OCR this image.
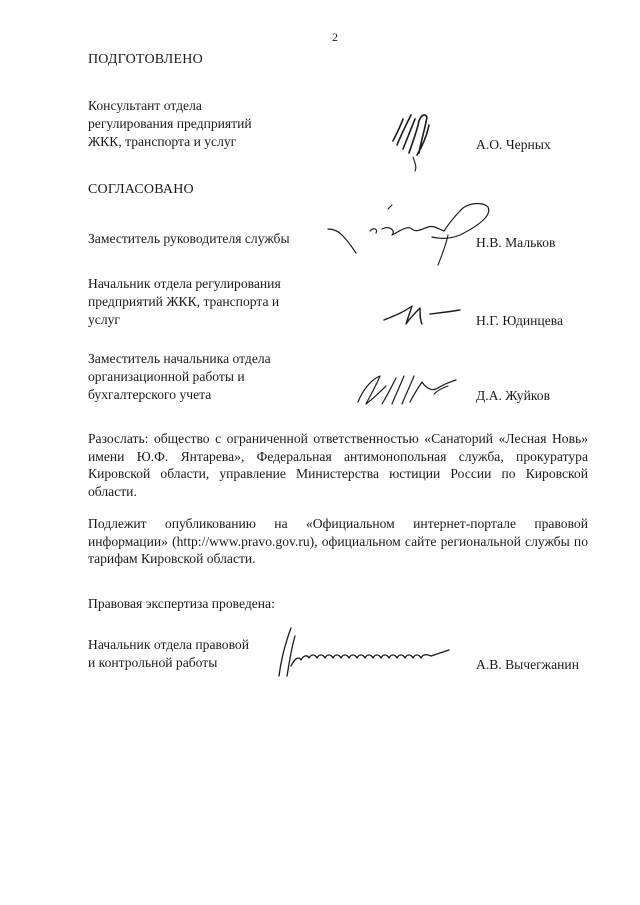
2
ПОДГОТОВЛЕНО
Консультант отдела
регулирования предприятий
ЖКК, транспорта и услуг	А.О. Черных
СОГЛАСОВАНО
Заместитель руководителя службы	Н.В. Мальков
Начальник отдела регулирования
предприятий ЖКК, транспорта и
услуг	Н.Г. Юдинцева
Заместитель начальника отдела
организационной работы и
бухгалтерского учета	Д.А. Жуйков
Разослать: общество с ограниченной ответственностью «Санаторий «Лесная Новь» имени Ю.Ф. Янтарева», Федеральная антимонопольная служба, прокуратура Кировской области, управление Министерства юстиции России по Кировской области.
Подлежит опубликованию на «Официальном интернет-портале правовой информации» (http://www.pravo.gov.ru), официальном сайте региональной службы по тарифам Кировской области.
Правовая экспертиза проведена:
Начальник отдела правовой
и контрольной работы	А.В. Вычегжанин
